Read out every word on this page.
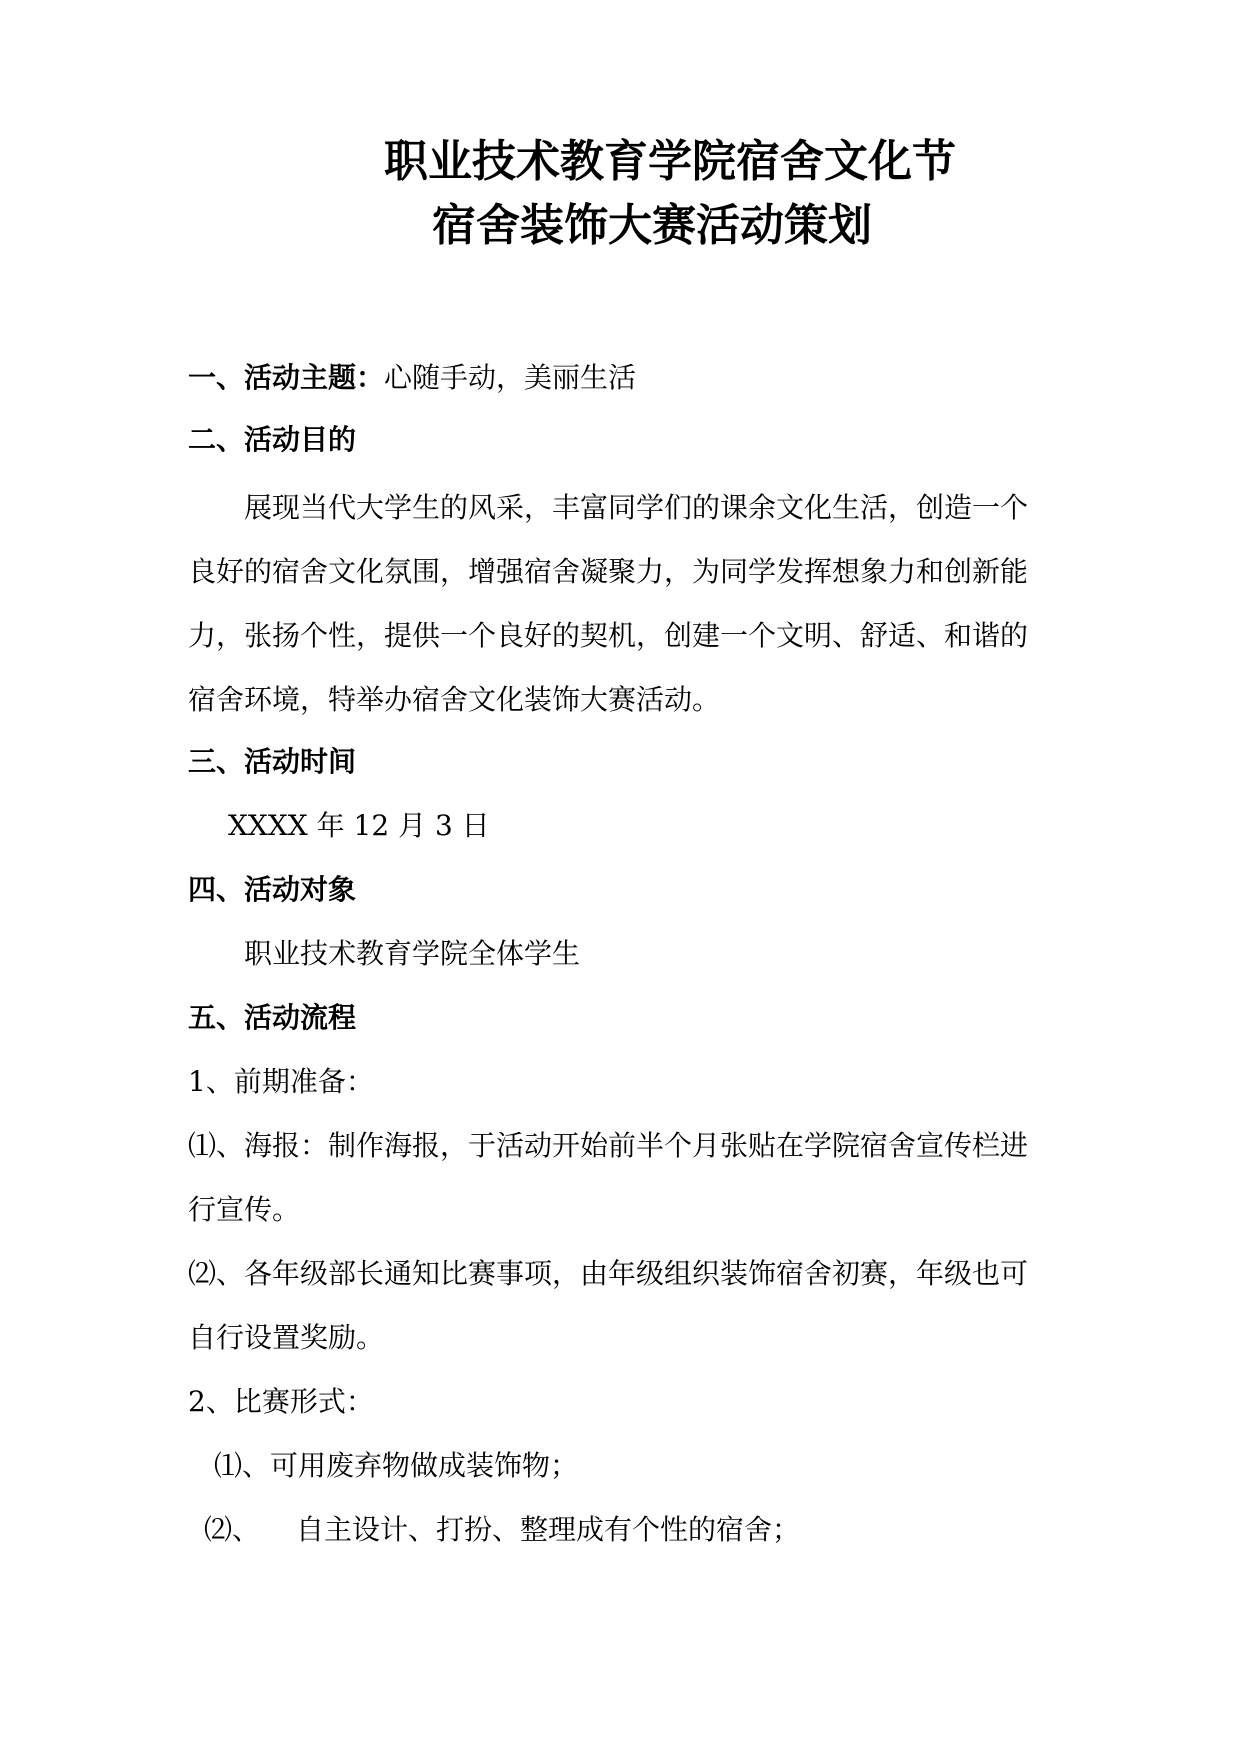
职业技术教育学院宿舍文化节
宿舍装饰大赛活动策划
一、活动主题：心随手动，美丽生活
二、活动目的
展现当代大学生的风采，丰富同学们的课余文化生活，创造一个
良好的宿舍文化氛围，增强宿舍凝聚力，为同学发挥想象力和创新能
力，张扬个性，提供一个良好的契机，创建一个文明、舒适、和谐的
宿舍环境，特举办宿舍文化装饰大赛活动。
三、活动时间
XXXX 年 12 月 3 日
四、活动对象
职业技术教育学院全体学生
五、活动流程
1、前期准备：
⑴、海报：制作海报，于活动开始前半个月张贴在学院宿舍宣传栏进
行宣传。
⑵、各年级部长通知比赛事项，由年级组织装饰宿舍初赛，年级也可
自行设置奖励。
2、比赛形式：
⑴、可用废弃物做成装饰物；
⑵、 自主设计、打扮、整理成有个性的宿舍；
